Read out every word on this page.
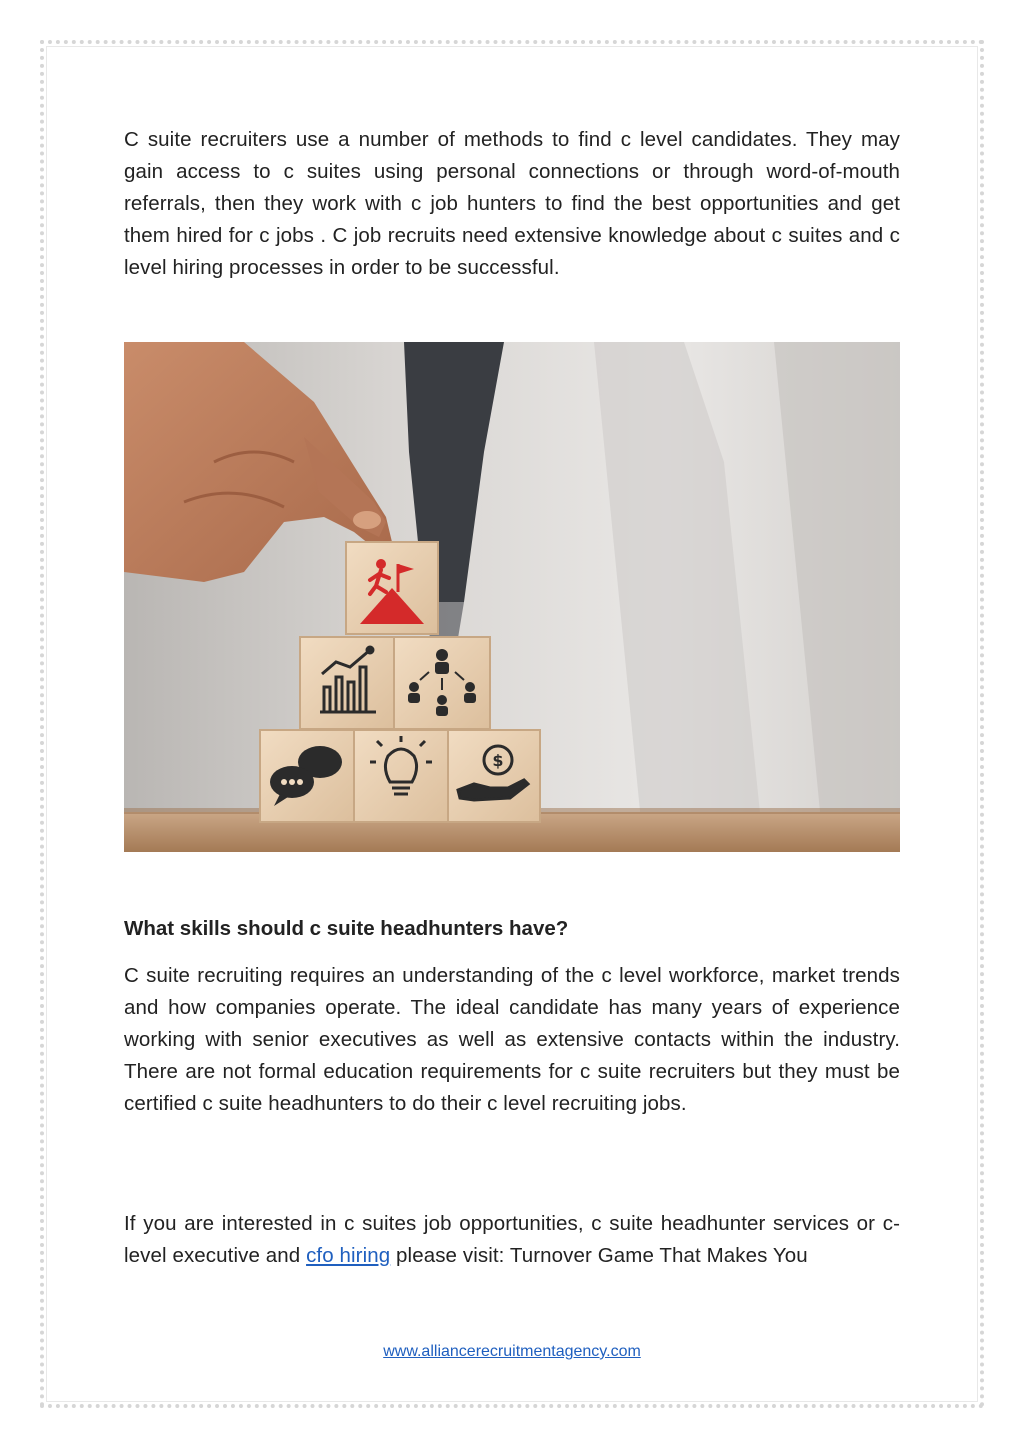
C suite recruiters use a number of methods to find c level candidates. They may gain access to c suites using personal connections or through word-of-mouth referrals, then they work with c job hunters to find the best opportunities and get them hired for c jobs . C job recruits need extensive knowledge about c suites and c level hiring processes in order to be successful.

$
What skills should c suite headhunters have?

C suite recruiting requires an understanding of the c level workforce, market trends and how companies operate. The ideal candidate has many years of experience working with senior executives as well as extensive contacts within the industry. There are not formal education requirements for c suite recruiters but they must be certified c suite headhunters to do their c level recruiting jobs.

If you are interested in c suites job opportunities, c suite headhunter services or c-level executive and cfo hiring please visit: Turnover Game That Makes You

www.alliancerecruitmentagency.com
